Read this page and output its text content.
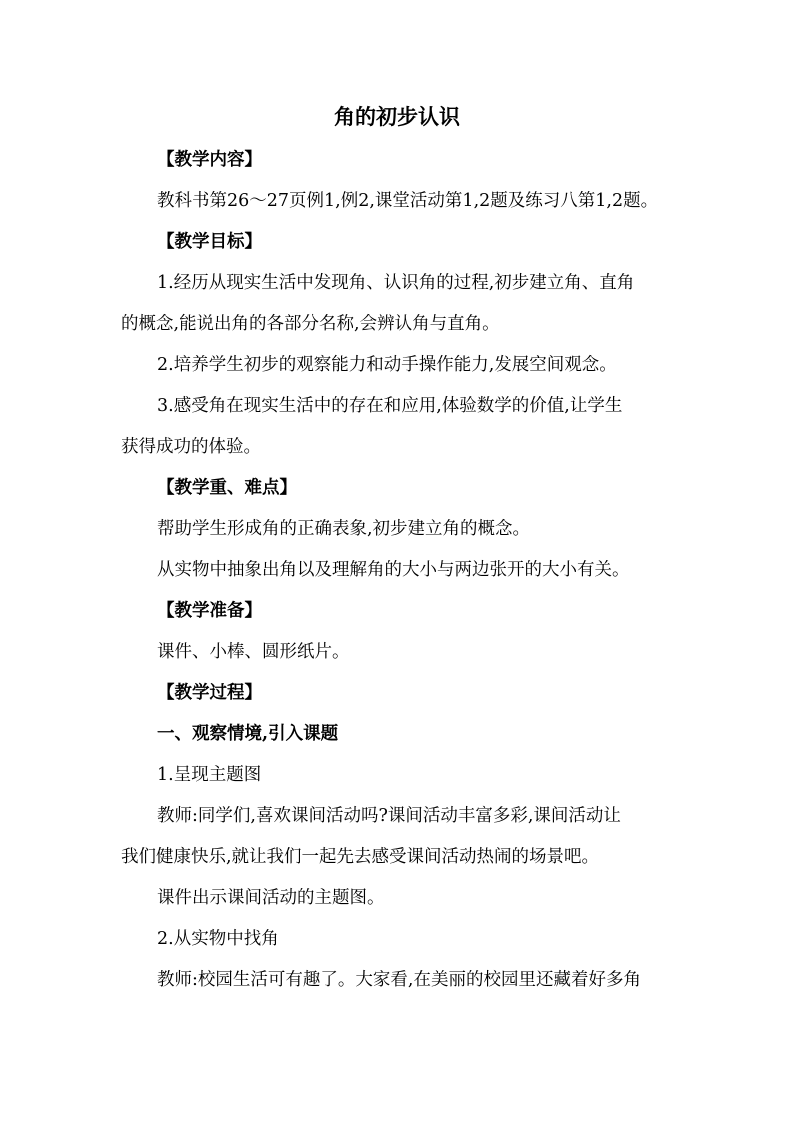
角的初步认识
【教学内容】
教科书第26～27页例1,例2,课堂活动第1,2题及练习八第1,2题。
【教学目标】
1.经历从现实生活中发现角、认识角的过程,初步建立角、直角
的概念,能说出角的各部分名称,会辨认角与直角。
2.培养学生初步的观察能力和动手操作能力,发展空间观念。
3.感受角在现实生活中的存在和应用,体验数学的价值,让学生
获得成功的体验。
【教学重、难点】
帮助学生形成角的正确表象,初步建立角的概念。
从实物中抽象出角以及理解角的大小与两边张开的大小有关。
【教学准备】
课件、小棒、圆形纸片。
【教学过程】
一、观察情境,引入课题
1.呈现主题图
教师:同学们,喜欢课间活动吗?课间活动丰富多彩,课间活动让
我们健康快乐,就让我们一起先去感受课间活动热闹的场景吧。
课件出示课间活动的主题图。
2.从实物中找角
教师:校园生活可有趣了。大家看,在美丽的校园里还藏着好多角
